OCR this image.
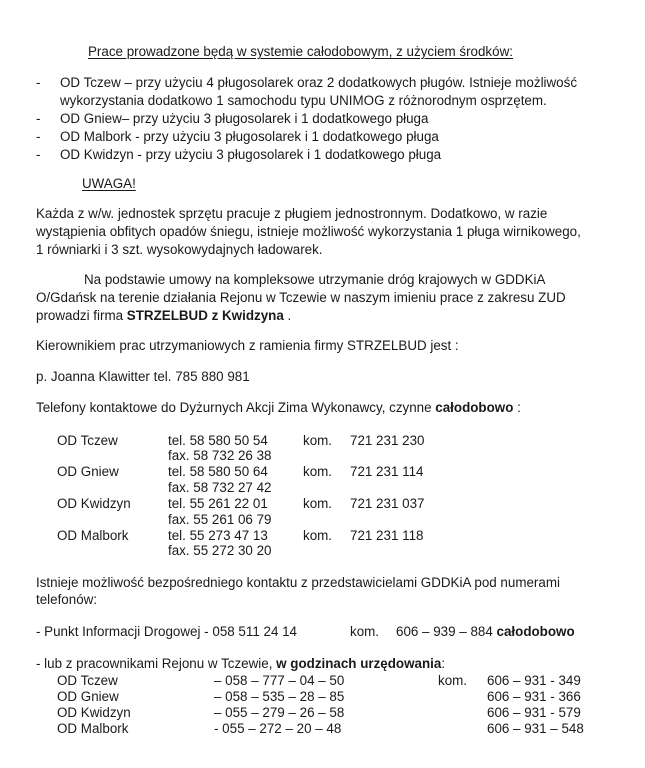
Prace prowadzone będą w systemie całodobowym, z użyciem środków:
- OD Tczew – przy użyciu 4 pługosolarek oraz 2 dodatkowych pługów. Istnieje możliwość
wykorzystania dodatkowo 1 samochodu typu UNIMOG z różnorodnym osprzętem.
- OD Gniew– przy użyciu 3 pługosolarek i 1 dodatkowego pługa
- OD Malbork - przy użyciu 3 pługosolarek i 1 dodatkowego pługa
- OD Kwidzyn - przy użyciu 3 pługosolarek i 1 dodatkowego pługa
UWAGA!
Każda z w/w. jednostek sprzętu pracuje z pługiem jednostronnym. Dodatkowo, w razie
wystąpienia obfitych opadów śniegu, istnieje możliwość wykorzystania 1 pługa wirnikowego,
1 równiarki i 3 szt. wysokowydajnych ładowarek.
Na podstawie umowy na kompleksowe utrzymanie dróg krajowych w GDDKiA
O/Gdańsk na terenie działania Rejonu w Tczewie w naszym imieniu prace z zakresu ZUD
prowadzi firma STRZELBUD z Kwidzyna .
Kierownikiem prac utrzymaniowych z ramienia firmy STRZELBUD jest :
p. Joanna Klawitter tel. 785 880 981
Telefony kontaktowe do Dyżurnych Akcji Zima Wykonawcy, czynne całodobowo :
OD Tczew	tel. 58 580 50 54	kom. 721 231 230
fax. 58 732 26 38
OD Gniew	tel. 58 580 50 64	kom. 721 231 114
fax. 58 732 27 42
OD Kwidzyn	tel. 55 261 22 01	kom. 721 231 037
fax. 55 261 06 79
OD Malbork	tel. 55 273 47 13	kom. 721 231 118
fax. 55 272 30 20
Istnieje możliwość bezpośredniego kontaktu z przedstawicielami GDDKiA pod numerami
telefonów:
- Punkt Informacji Drogowej - 058 511 24 14	kom. 606 – 939 – 884 całodobowo
- lub z pracownikami Rejonu w Tczewie, w godzinach urzędowania:
OD Tczew	– 058 – 777 – 04 – 50	kom. 606 – 931 - 349
OD Gniew	– 058 – 535 – 28 – 85	606 – 931 - 366
OD Kwidzyn	– 055 – 279 – 26 – 58	606 – 931 - 579
OD Malbork	- 055 – 272 – 20 – 48	606 – 931 – 548
